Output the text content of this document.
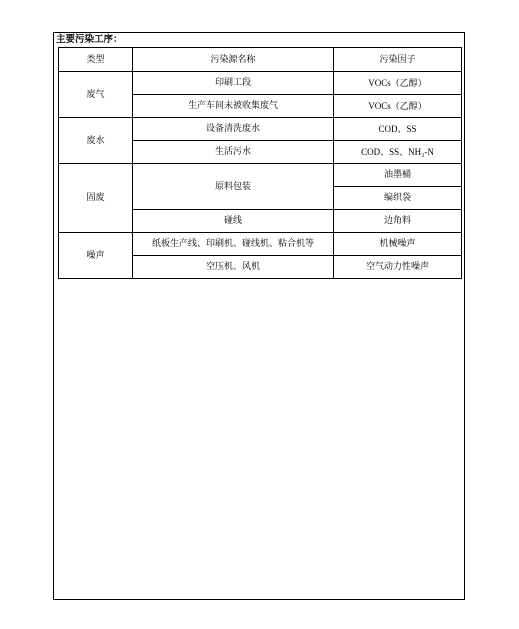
主要污染工序：
类型	污染源名称	污染因子
废气	印刷工段	VOCs（乙醇）
	生产车间未被收集废气	VOCs（乙醇）
废水	设备清洗废水	COD、SS
	生活污水	COD、SS、NH₃-N
固废	原料包装	油墨桶
		编织袋
	碰线	边角料
噪声	纸板生产线、印刷机、碰线机、粘合机等	机械噪声
	空压机、风机	空气动力性噪声
